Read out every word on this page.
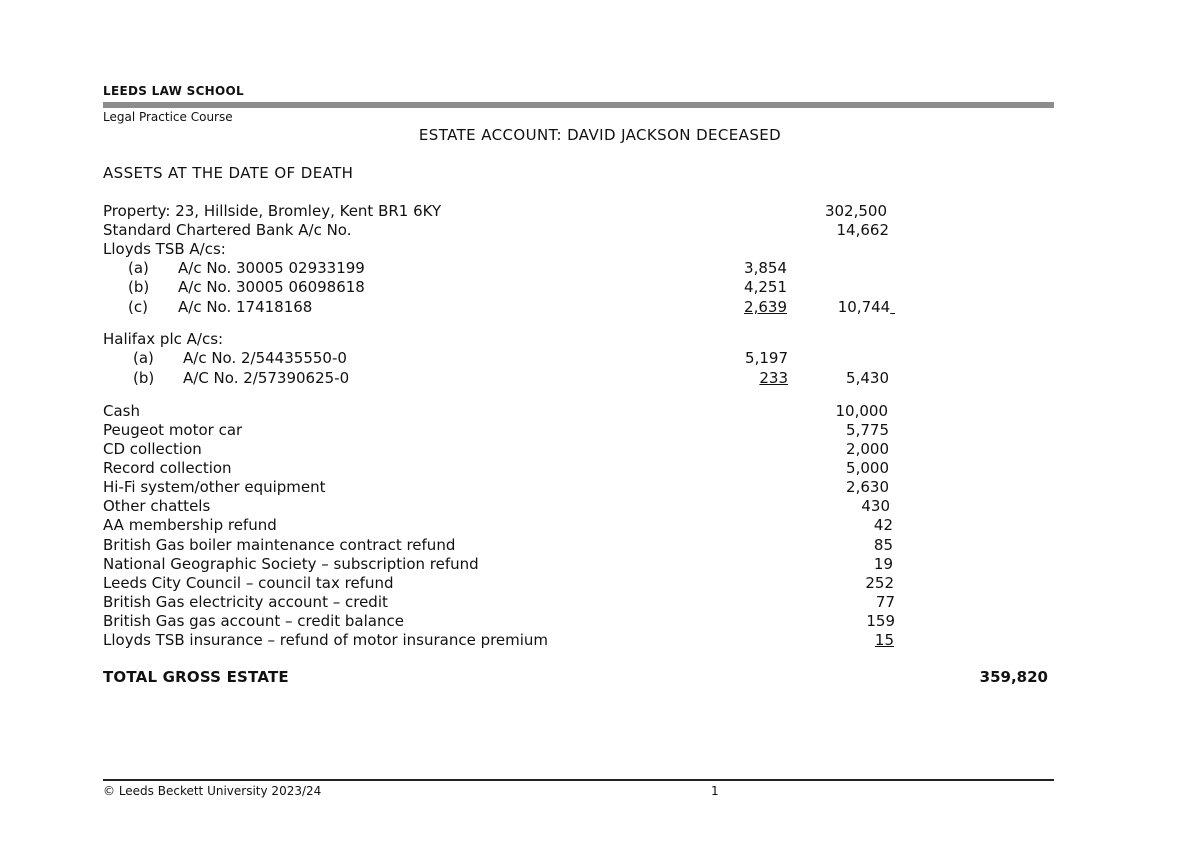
LEEDS LAW SCHOOL
Legal Practice Course
ESTATE ACCOUNT: DAVID JACKSON DECEASED
ASSETS AT THE DATE OF DEATH
Property: 23, Hillside, Bromley, Kent BR1 6KY	302,500
Standard Chartered Bank A/c No.	14,662
Lloyds TSB A/cs:
(a) A/c No. 30005 02933199	3,854
(b) A/c No. 30005 06098618	4,251
(c) A/c No. 17418168	2,639	10,744
Halifax plc A/cs:
(a) A/c No. 2/54435550-0	5,197
(b) A/C No. 2/57390625-0	233	5,430
Cash	10,000
Peugeot motor car	5,775
CD collection	2,000
Record collection	5,000
Hi-Fi system/other equipment	2,630
Other chattels	430
AA membership refund	42
British Gas boiler maintenance contract refund	85
National Geographic Society – subscription refund	19
Leeds City Council – council tax refund	252
British Gas electricity account – credit	77
British Gas gas account – credit balance	159
Lloyds TSB insurance – refund of motor insurance premium	15
TOTAL GROSS ESTATE	359,820
© Leeds Beckett University 2023/24	1
